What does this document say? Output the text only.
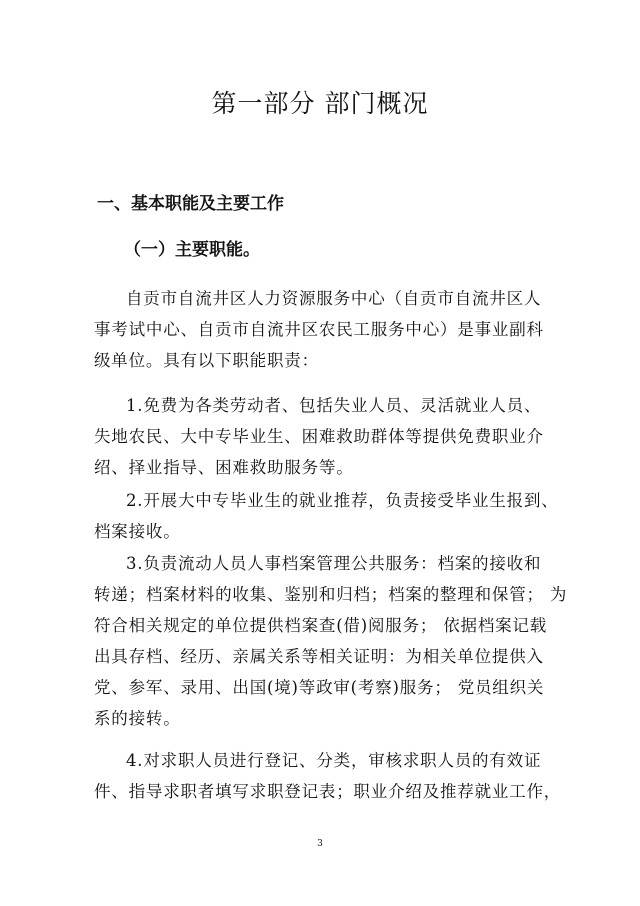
第一部分 部门概况
一、基本职能及主要工作
（一）主要职能。

自贡市自流井区人力资源服务中心（自贡市自流井区人
事考试中心、自贡市自流井区农民工服务中心）是事业副科
级单位。具有以下职能职责：

1.免费为各类劳动者、包括失业人员、灵活就业人员、
失地农民、大中专毕业生、困难救助群体等提供免费职业介
绍、择业指导、困难救助服务等。

2.开展大中专毕业生的就业推荐，负责接受毕业生报到、
档案接收。

3.负责流动人员人事档案管理公共服务：档案的接收和
转递；档案材料的收集、鉴别和归档；档案的整理和保管； 为
符合相关规定的单位提供档案查(借)阅服务； 依据档案记载
出具存档、经历、亲属关系等相关证明：为相关单位提供入
党、参军、录用、出国(境)等政审(考察)服务； 党员组织关
系的接转。

4.对求职人员进行登记、分类，审核求职人员的有效证
件、指导求职者填写求职登记表；职业介绍及推荐就业工作，

3
